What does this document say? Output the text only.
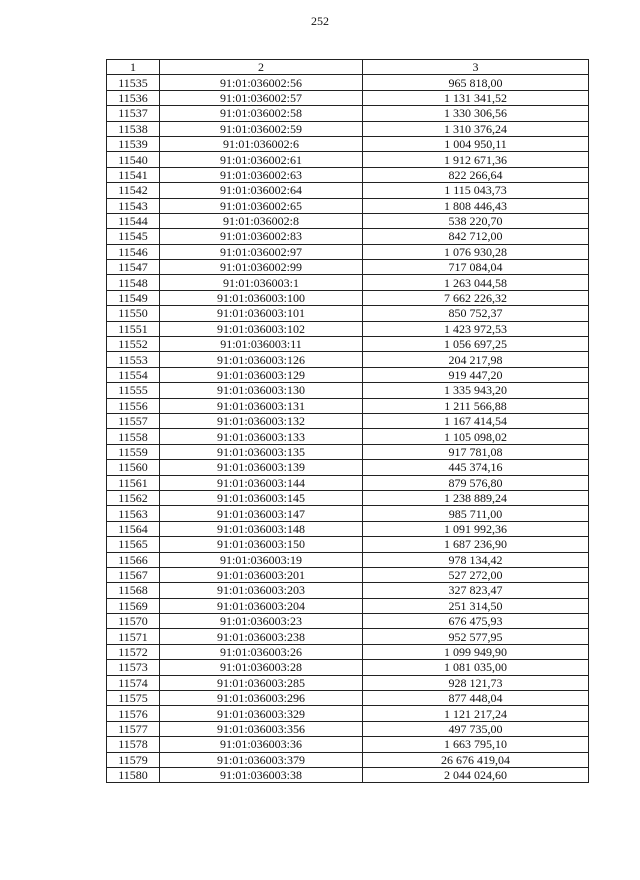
252
1	2	3
11535	91:01:036002:56	965 818,00
11536	91:01:036002:57	1 131 341,52
11537	91:01:036002:58	1 330 306,56
11538	91:01:036002:59	1 310 376,24
11539	91:01:036002:6	1 004 950,11
11540	91:01:036002:61	1 912 671,36
11541	91:01:036002:63	822 266,64
11542	91:01:036002:64	1 115 043,73
11543	91:01:036002:65	1 808 446,43
11544	91:01:036002:8	538 220,70
11545	91:01:036002:83	842 712,00
11546	91:01:036002:97	1 076 930,28
11547	91:01:036002:99	717 084,04
11548	91:01:036003:1	1 263 044,58
11549	91:01:036003:100	7 662 226,32
11550	91:01:036003:101	850 752,37
11551	91:01:036003:102	1 423 972,53
11552	91:01:036003:11	1 056 697,25
11553	91:01:036003:126	204 217,98
11554	91:01:036003:129	919 447,20
11555	91:01:036003:130	1 335 943,20
11556	91:01:036003:131	1 211 566,88
11557	91:01:036003:132	1 167 414,54
11558	91:01:036003:133	1 105 098,02
11559	91:01:036003:135	917 781,08
11560	91:01:036003:139	445 374,16
11561	91:01:036003:144	879 576,80
11562	91:01:036003:145	1 238 889,24
11563	91:01:036003:147	985 711,00
11564	91:01:036003:148	1 091 992,36
11565	91:01:036003:150	1 687 236,90
11566	91:01:036003:19	978 134,42
11567	91:01:036003:201	527 272,00
11568	91:01:036003:203	327 823,47
11569	91:01:036003:204	251 314,50
11570	91:01:036003:23	676 475,93
11571	91:01:036003:238	952 577,95
11572	91:01:036003:26	1 099 949,90
11573	91:01:036003:28	1 081 035,00
11574	91:01:036003:285	928 121,73
11575	91:01:036003:296	877 448,04
11576	91:01:036003:329	1 121 217,24
11577	91:01:036003:356	497 735,00
11578	91:01:036003:36	1 663 795,10
11579	91:01:036003:379	26 676 419,04
11580	91:01:036003:38	2 044 024,60
